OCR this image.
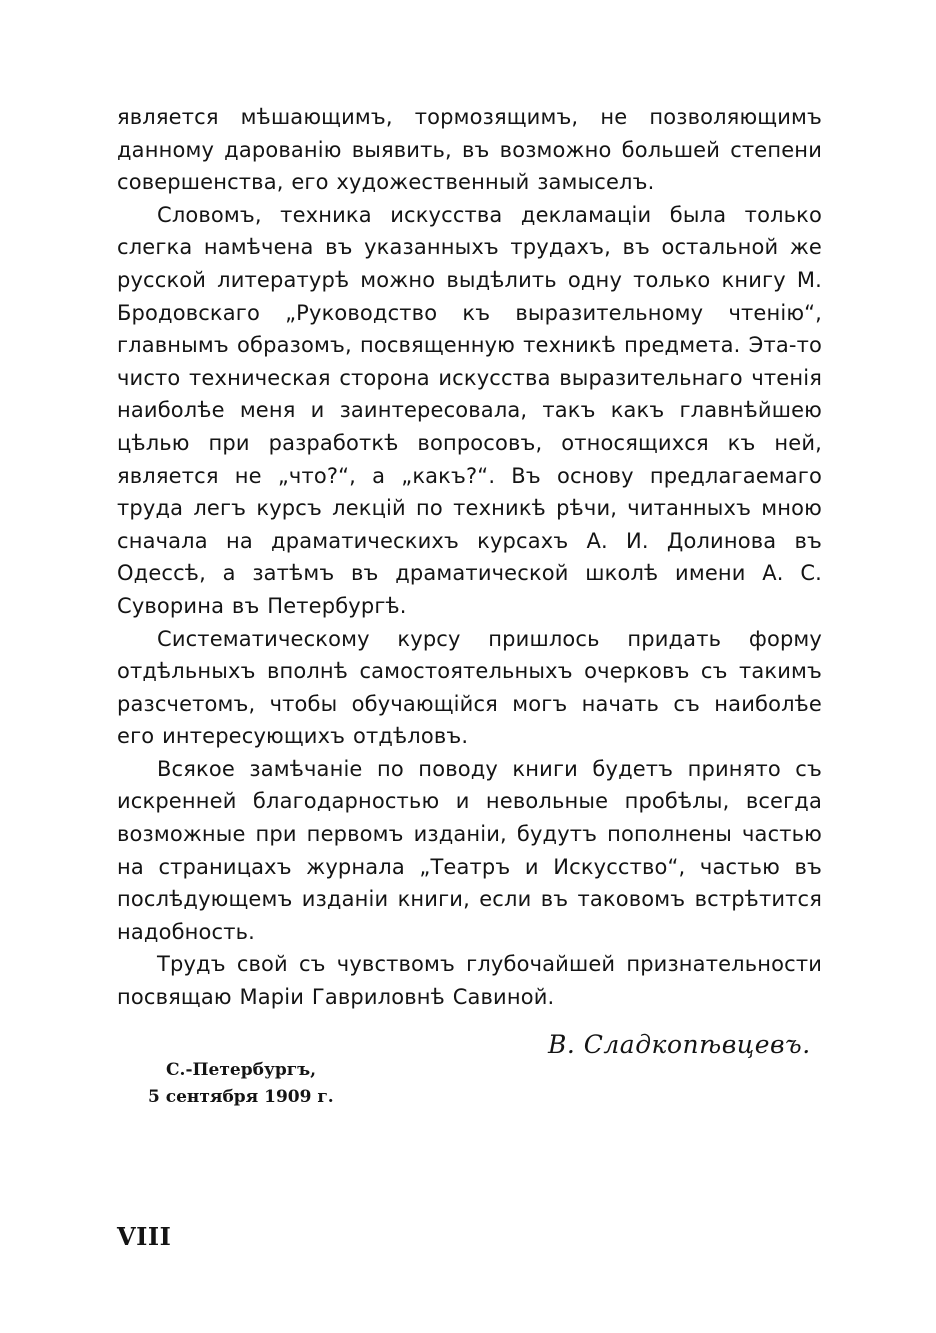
является мѣшающимъ, тормозящимъ, не позволяющимъ данному дарованiю выявить, въ возможно большей степени совершенства, его художественный замыселъ.

Словомъ, техника искусства декламацiи была только слегка намѣчена въ указанныхъ трудахъ, въ остальной же русской литературѣ можно выдѣлить одну только книгу М. Бродовскаго „Руководство къ выразительному чтенiю“, главнымъ образомъ, посвященную техникѣ предмета. Эта-то чисто техническая сторона искусства выразительнаго чтенiя наиболѣе меня и заинтересовала, такъ какъ главнѣйшею цѣлью при разработкѣ вопросовъ, относящихся къ ней, является не „что?“, а „какъ?“. Въ основу предлагаемаго труда легъ курсъ лекцiй по техникѣ рѣчи, читанныхъ мною сначала на драматическихъ курсахъ А. И. Долинова въ Одессѣ, а затѣмъ въ драматической школѣ имени А. С. Суворина въ Петербургѣ.

Систематическому курсу пришлось придать форму отдѣльныхъ вполнѣ самостоятельныхъ очерковъ съ такимъ разсчетомъ, чтобы обучающiйся могъ начать съ наиболѣе его интересующихъ отдѣловъ.

Всякое замѣчанiе по поводу книги будетъ принято съ искренней благодарностью и невольные пробѣлы, всегда возможные при первомъ изданiи, будутъ пополнены частью на страницахъ журнала „Театръ и Искусство“, частью въ послѣдующемъ изданiи книги, если въ таковомъ встрѣтится надобность.

Трудъ свой съ чувствомъ глубочайшей признательности посвящаю Марiи Гавриловнѣ Савиной.

В. Сладкопѣвцевъ.
С.-Петербургъ,
5 сентября 1909 г.
VIII
